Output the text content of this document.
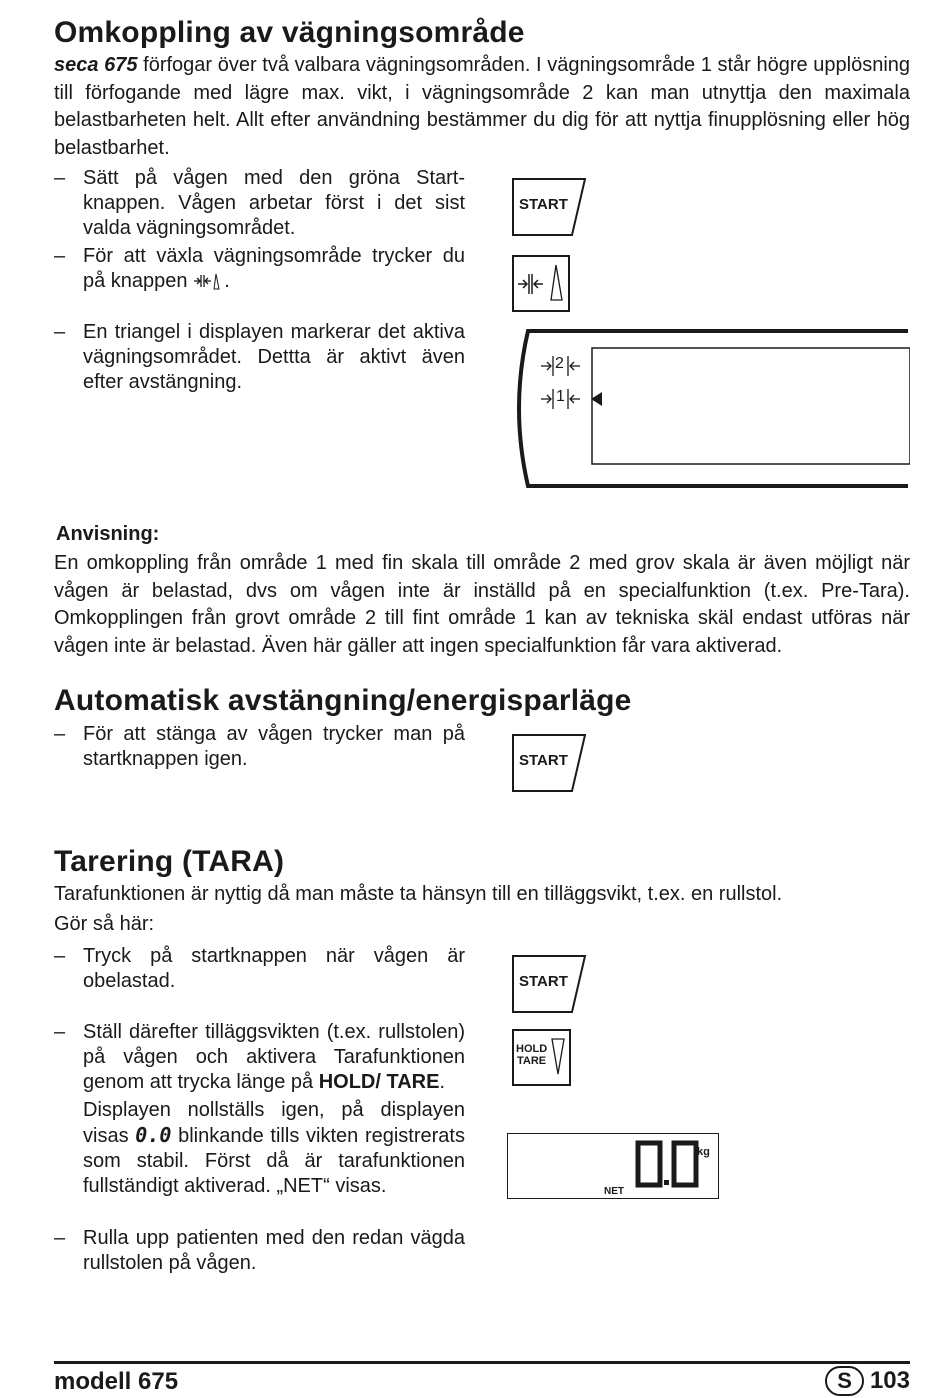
Omkoppling av vägningsområde

seca 675 förfogar över två valbara vägningsområden. I vägningsområde 1 står högre upplösning till förfogande med lägre max. vikt, i vägningsområde 2 kan man utnyttja den maximala belastbarheten helt. Allt efter användning bestämmer du dig för att nyttja finupplösning eller hög belastbarhet.

– Sätt på vågen med den gröna Start-knappen. Vågen arbetar först i det sist valda vägningsområdet.
– För att växla vägningsområde trycker du på knappen .
– En triangel i displayen markerar det aktiva vägningsområdet. Dettta är aktivt även efter avstängning.
START
2
1
Anvisning:

En omkoppling från område 1 med fin skala till område 2 med grov skala är även möjligt när vågen är belastad, dvs om vågen inte är inställd på en specialfunktion (t.ex. Pre-Tara). Omkopplingen från grovt område 2 till fint område 1 kan av tekniska skäl endast utföras när vågen inte är belastad. Även här gäller att ingen specialfunktion får vara aktiverad.

Automatisk avstängning/energisparläge
– För att stänga av vågen trycker man på startknappen igen.	START
Tarering (TARA)

Tarafunktionen är nyttig då man måste ta hänsyn till en tilläggsvikt, t.ex. en rullstol.

Gör så här:

– Tryck på startknappen när vågen är obelastad.
– Ställ därefter tilläggsvikten (t.ex. rullstolen) på vågen och aktivera Tarafunktionen genom att trycka länge på HOLD/ TARE.
Displayen nollställs igen, på displayen visas 0.0 blinkande tills vikten registrerats som stabil. Först då är tarafunktionen fullständigt aktiverad. „NET“ visas.
– Rulla upp patienten med den redan vägda rullstolen på vågen.
START
HOLD
TARE
kg
NET
modell 675	S 103
